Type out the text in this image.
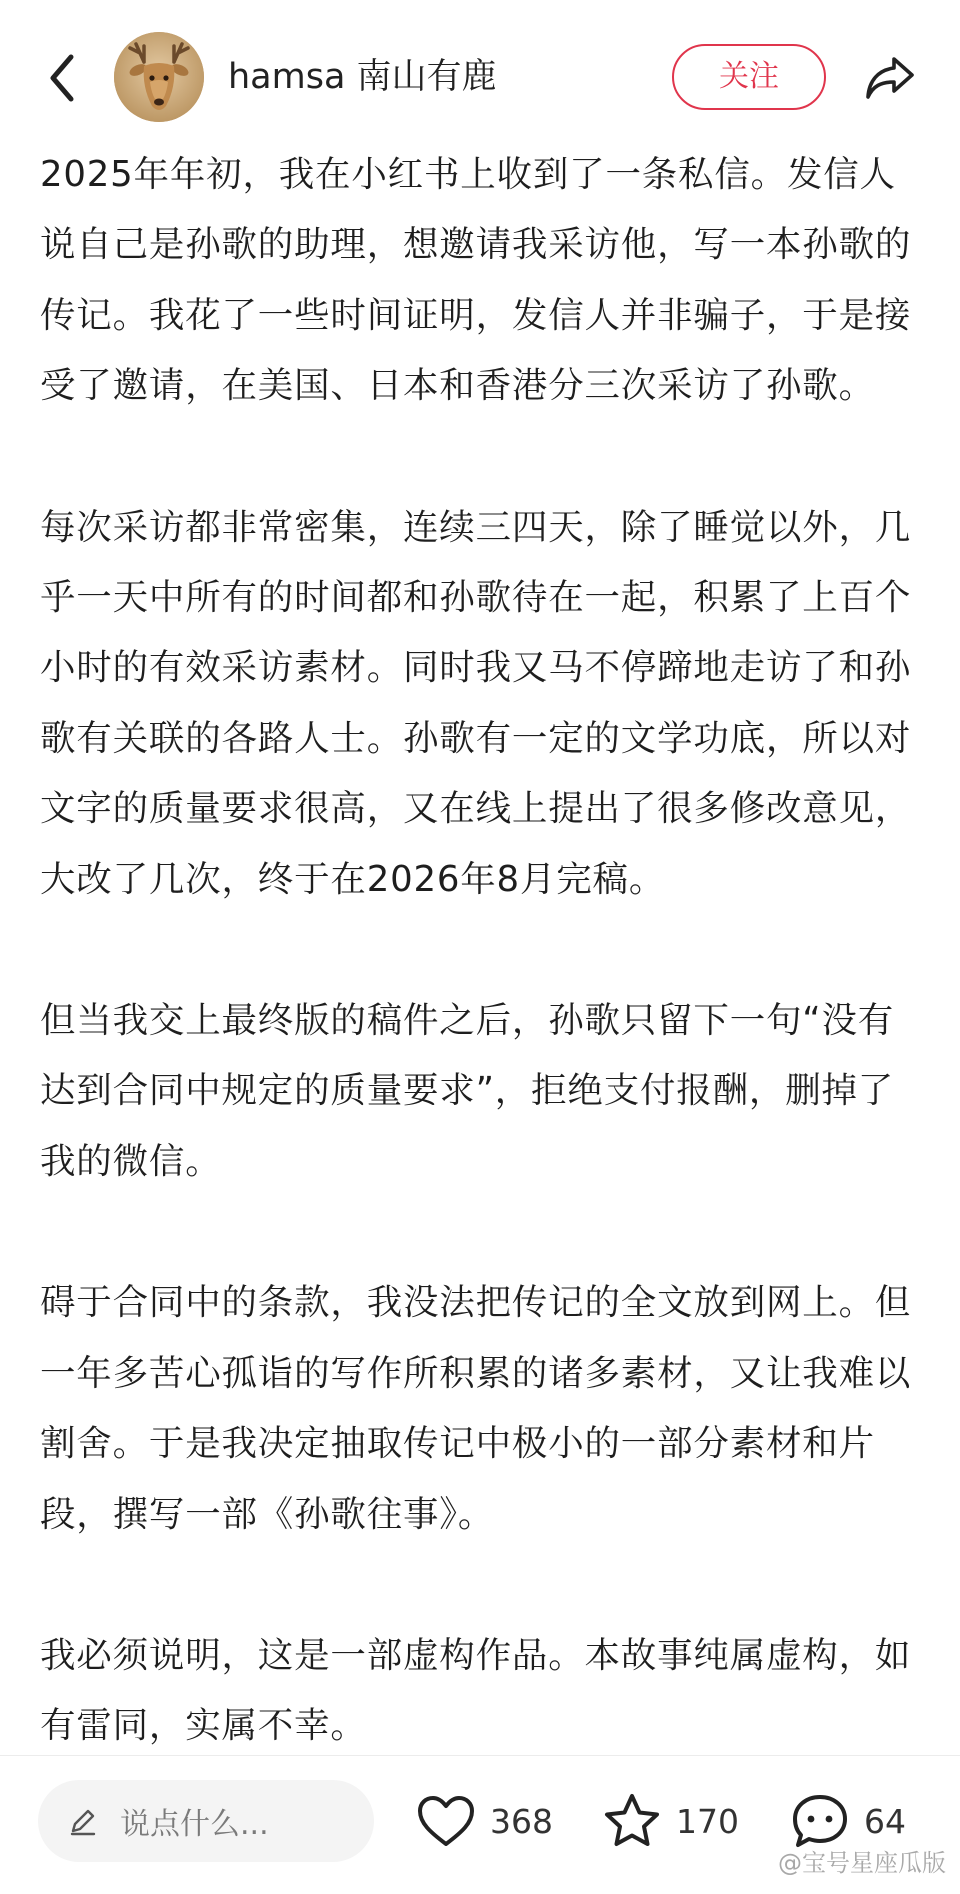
hamsa 南山有鹿	关注

2025年年初，我在小红书上收到了一条私信。发信人说自己是孙歌的助理，想邀请我采访他，写一本孙歌的传记。我花了一些时间证明，发信人并非骗子，于是接受了邀请，在美国、日本和香港分三次采访了孙歌。

每次采访都非常密集，连续三四天，除了睡觉以外，几乎一天中所有的时间都和孙歌待在一起，积累了上百个小时的有效采访素材。同时我又马不停蹄地走访了和孙歌有关联的各路人士。孙歌有一定的文学功底，所以对文字的质量要求很高，又在线上提出了很多修改意见，大改了几次，终于在2026年8月完稿。

但当我交上最终版的稿件之后，孙歌只留下一句“没有达到合同中规定的质量要求”，拒绝支付报酬，删掉了我的微信。

碍于合同中的条款，我没法把传记的全文放到网上。但一年多苦心孤诣的写作所积累的诸多素材，又让我难以割舍。于是我决定抽取传记中极小的一部分素材和片段，撰写一部《孙歌往事》。

我必须说明，这是一部虚构作品。本故事纯属虚构，如有雷同，实属不幸。

说点什么...	368	170	64
@宝号星座瓜版
